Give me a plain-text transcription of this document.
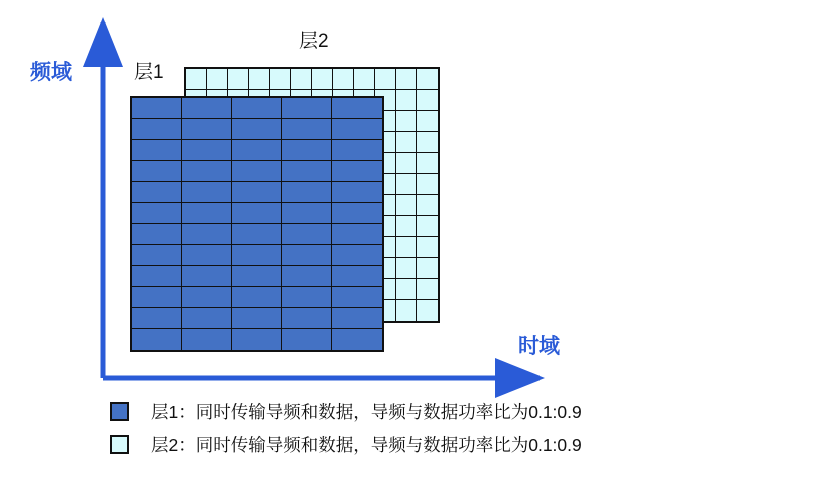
频域
时域
层1
层2
层1：同时传输导频和数据，导频与数据功率比为0.1:0.9
层2：同时传输导频和数据，导频与数据功率比为0.1:0.9
